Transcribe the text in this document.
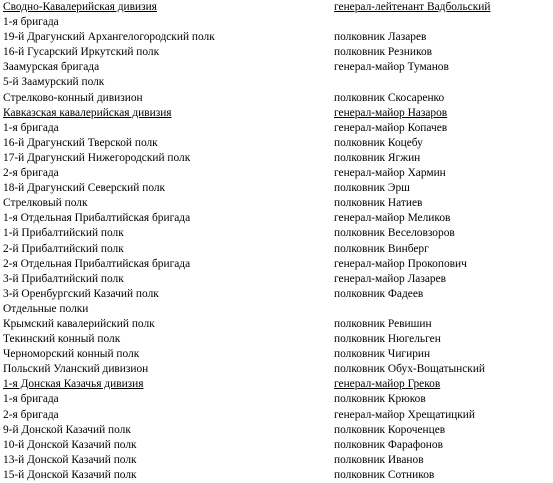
Сводно-Кавалерийская дивизия	генерал-лейтенант Вадбольский
1-я бригада
19-й Драгунский Архангелогородский полк	полковник Лазарев
16-й Гусарский Иркутский полк	полковник Резников
Заамурская бригада	генерал-майор Туманов
5-й Заамурский полк
Стрелково-конный дивизион	полковник Скосаренко
Кавказская кавалерийская дивизия	генерал-майор Назаров
1-я бригада	генерал-майор Копачев
16-й Драгунский Тверской полк	полковник Коцебу
17-й Драгунский Нижегородский полк	полковник Ягжин
2-я бригада	генерал-майор Хармин
18-й Драгунский Северский полк	полковник Эрш
Стрелковый полк	полковник Натиев
1-я Отдельная Прибалтийская бригада	генерал-майор Меликов
1-й Прибалтийский полк	полковник Веселовзоров
2-й Прибалтийский полк	полковник Винберг
2-я Отдельная Прибалтийская бригада	генерал-майор Прокопович
3-й Прибалтийский полк	генерал-майор Лазарев
3-й Оренбургский Казачий полк	полковник Фадеев
Отдельные полки
Крымский кавалерийский полк	полковник Ревишин
Текинский конный полк	полковник Нюгельген
Черноморский конный полк	полковник Чигирин
Польский Уланский дивизион	полковник Обух-Вощатынский
1-я Донская Казачья дивизия	генерал-майор Греков
1-я бригада	полковник Крюков
2-я бригада	генерал-майор Хрещатицкий
9-й Донской Казачий полк	полковник Короченцев
10-й Донской Казачий полк	полковник Фарафонов
13-й Донской Казачий полк	полковник Иванов
15-й Донской Казачий полк	полковник Сотников
